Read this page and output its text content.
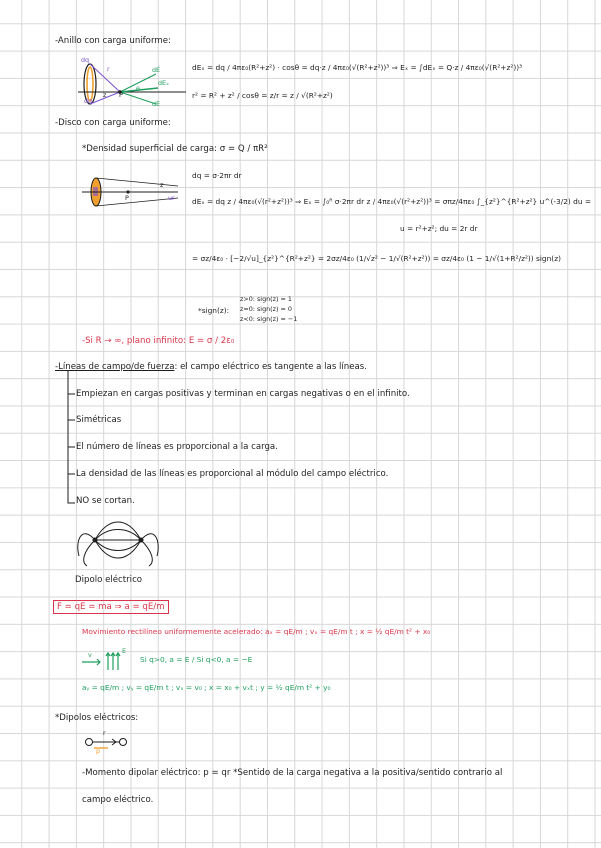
-Anillo con carga uniforme:
dq
dq
r
z P
θ
dE
dEₓ
dE
dEₓ = dq / 4πε₀(R²+z²) · cosθ = dq·z / 4πε₀(√(R²+z²))³ ⇒ Eₓ = ∫dEₓ = Q·z / 4πε₀(√(R²+z²))³
r² = R² + z² / cosθ = z/r = z / √(R²+z²)
-Disco con carga uniforme:
*Densidad superficial de carga: σ = Q / πR²
P
z
ur
dq = σ·2πr dr
dEₓ = dq z / 4πε₀(√(r²+z²))³ ⇒ Eₓ = ∫₀ᴿ σ·2πr dr z / 4πε₀(√(r²+z²))³ = σπz/4πε₀ ∫_{z²}^{R²+z²} u^(-3/2) du =
u = r²+z²; du = 2r dr
= σz/4ε₀ · [−2/√u]_{z²}^{R²+z²} = 2σz/4ε₀ (1/√z² − 1/√(R²+z²)) = σz/4ε₀ (1 − 1/√(1+R²/z²)) sign(z)
*sign(z):
z>0: sign(z) = 1
z=0: sign(z) = 0
z<0: sign(z) = −1
-Si R → ∞, plano infinito: E = σ / 2ε₀
-Líneas de campo/de fuerza: el campo eléctrico es tangente a las líneas.
Empiezan en cargas positivas y terminan en cargas negativas o en el infinito.
Simétricas
El número de líneas es proporcional a la carga.
La densidad de las líneas es proporcional al módulo del campo eléctrico.
NO se cortan.
Dipolo eléctrico
F = qE = ma ⇒ a = qE/m
Movimiento rectilíneo uniformemente acelerado: aₓ = qE/m ; vₓ = qE/m t ; x = ½ qE/m t² + x₀
v	E
Si q>0, a = E / Si q<0, a = −E
aᵧ = qE/m ; vᵧ = qE/m t ; vₓ = v₀ ; x = x₀ + vₓt ; y = ½ qE/m t² + y₀
*Dipolos eléctricos:
r
p
-Momento dipolar eléctrico: p = qr *Sentido de la carga negativa a la positiva/sentido contrario al
campo eléctrico.
